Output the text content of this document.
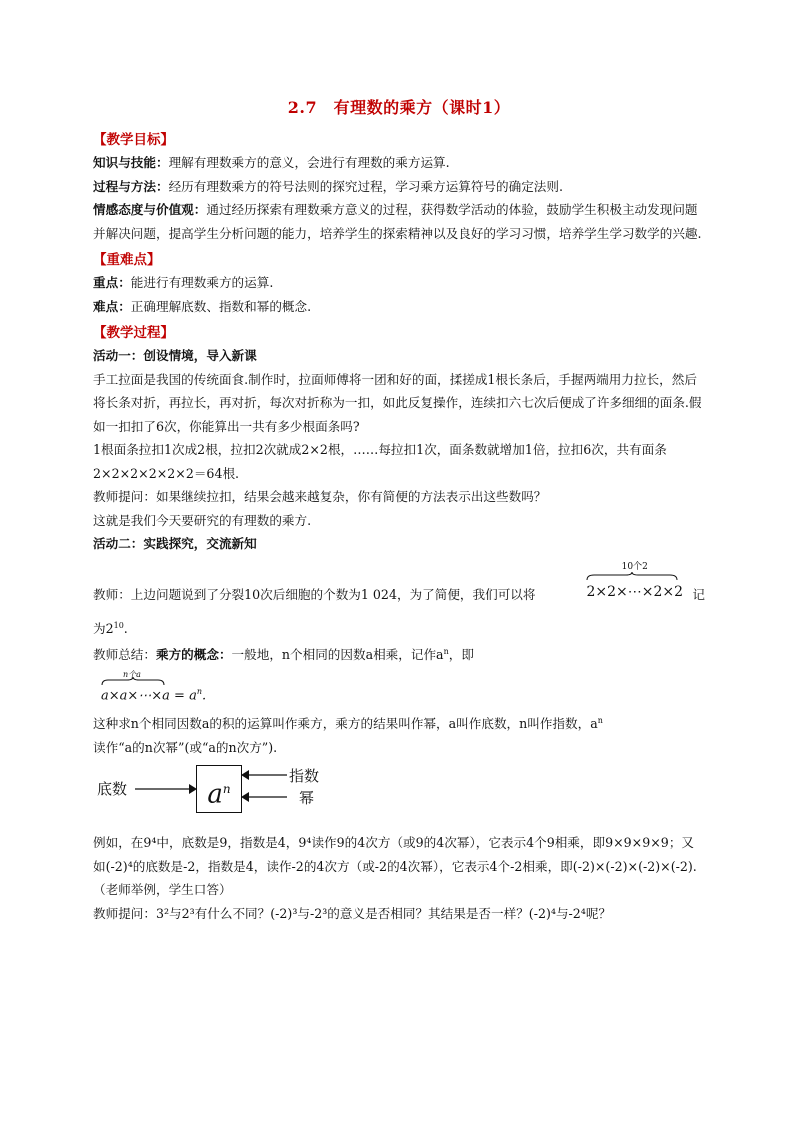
2.7　有理数的乘方（课时1）
【教学目标】

知识与技能：理解有理数乘方的意义，会进行有理数的乘方运算.

过程与方法：经历有理数乘方的符号法则的探究过程，学习乘方运算符号的确定法则.

情感态度与价值观：通过经历探索有理数乘方意义的过程，获得数学活动的体验，鼓励学生积极主动发现问题并解决问题，提高学生分析问题的能力，培养学生的探索精神以及良好的学习习惯，培养学生学习数学的兴趣.

【重难点】

重点：能进行有理数乘方的运算.

难点：正确理解底数、指数和幂的概念.

【教学过程】
活动一：创设情境，导入新课

手工拉面是我国的传统面食.制作时，拉面师傅将一团和好的面，揉搓成1根长条后，手握两端用力拉长，然后将长条对折，再拉长，再对折，每次对折称为一扣，如此反复操作，连续扣六七次后便成了许多细细的面条.假如一扣扣了6次，你能算出一共有多少根面条吗?

1根面条拉扣1次成2根，拉扣2次就成2×2根，……每拉扣1次，面条数就增加1倍，拉扣6次，共有面条2×2×2×2×2×2＝64根.

教师提问：如果继续拉扣，结果会越来越复杂，你有简便的方法表示出这些数吗？

这就是我们今天要研究的有理数的乘方.

活动二：实践探究，交流新知
教师：上边问题说到了分裂10次后细胞的个数为1 024，为了简便，我们可以将
10个2
2×2×⋯×2×2 记

为$2^{10}$.

教师总结：乘方的概念：一般地，n个相同的因数a相乘，记作$a^n$，即

n个a
a×a×⋯×a = $a^n$.

这种求n个相同因数a的积的运算叫作乘方，乘方的结果叫作幂，a叫作底数，n叫作指数，$a^n$

读作“a的n次幂”(或“a的n次方”).

底数	$a^n$
指数
幂

例如，在9⁴中，底数是9，指数是4，9⁴读作9的4次方（或9的4次幂），它表示4个9相乘，即9×9×9×9；又如(-2)⁴的底数是-2，指数是4，读作-2的4次方（或-2的4次幂），它表示4个-2相乘，即(-2)×(-2)×(-2)×(-2).（老师举例，学生口答）

教师提问：3²与2³有什么不同？(-2)³与-2³的意义是否相同？其结果是否一样？(-2)⁴与-2⁴呢？
